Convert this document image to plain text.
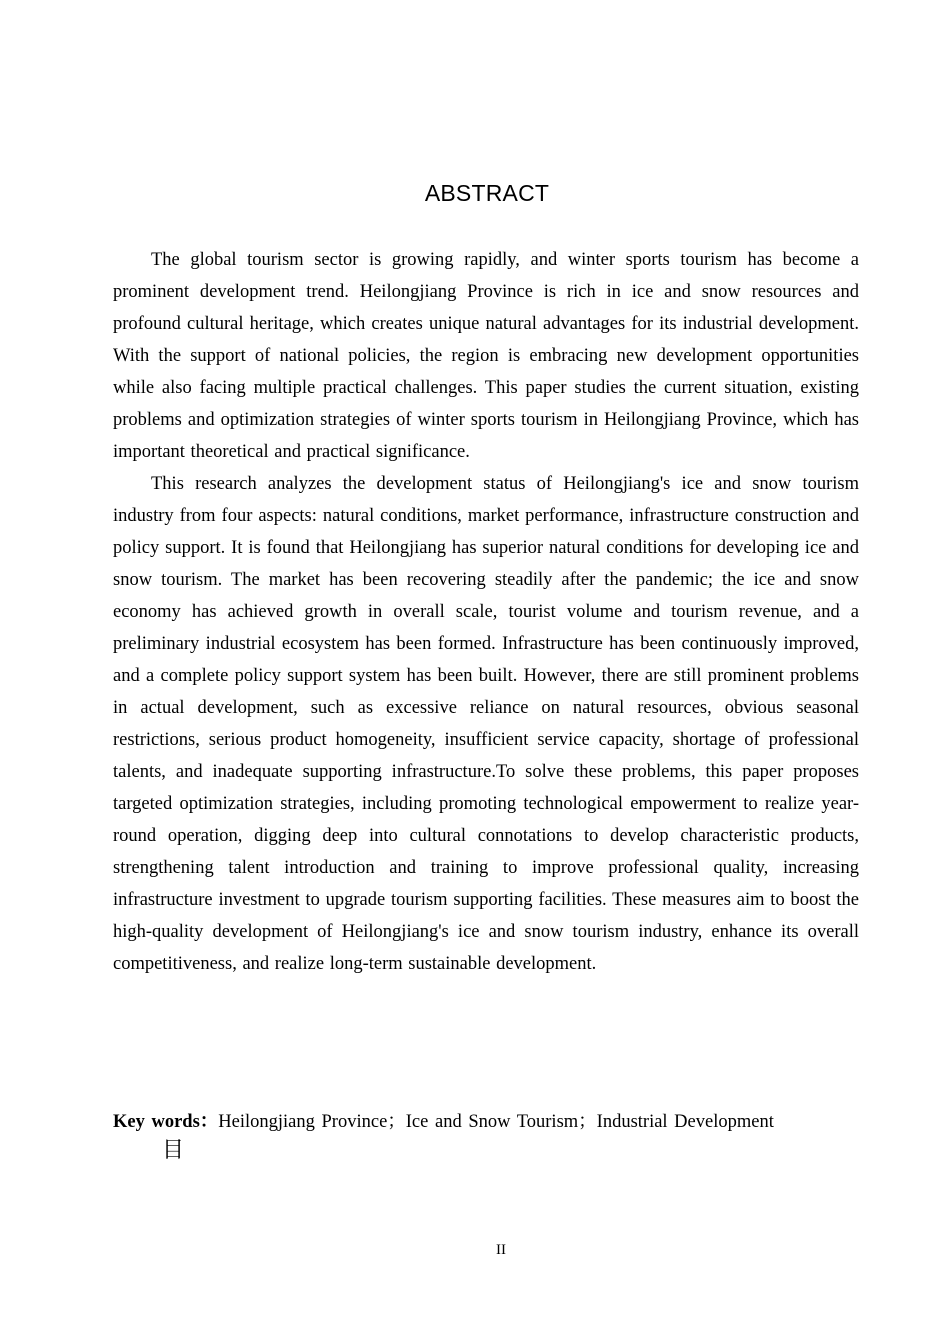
ABSTRACT

The global tourism sector is growing rapidly, and winter sports tourism has become a prominent development trend. Heilongjiang Province is rich in ice and snow resources and profound cultural heritage, which creates unique natural advantages for its industrial development. With the support of national policies, the region is embracing new development opportunities while also facing multiple practical challenges. This paper studies the current situation, existing problems and optimization strategies of winter sports tourism in Heilongjiang Province, which has important theoretical and practical significance.

This research analyzes the development status of Heilongjiang's ice and snow tourism industry from four aspects: natural conditions, market performance, infrastructure construction and policy support. It is found that Heilongjiang has superior natural conditions for developing ice and snow tourism. The market has been recovering steadily after the pandemic; the ice and snow economy has achieved growth in overall scale, tourist volume and tourism revenue, and a preliminary industrial ecosystem has been formed. Infrastructure has been continuously improved, and a complete policy support system has been built. However, there are still prominent problems in actual development, such as excessive reliance on natural resources, obvious seasonal restrictions, serious product homogeneity, insufficient service capacity, shortage of professional talents, and inadequate supporting infrastructure.To solve these problems, this paper proposes targeted optimization strategies, including promoting technological empowerment to realize year-round operation, digging deep into cultural connotations to develop characteristic products, strengthening talent introduction and training to improve professional quality, increasing infrastructure investment to upgrade tourism supporting facilities. These measures aim to boost the high-quality development of Heilongjiang's ice and snow tourism industry, enhance its overall competitiveness, and realize long-term sustainable development.

Key words：Heilongjiang Province；Ice and Snow Tourism；Industrial Development
目
II
